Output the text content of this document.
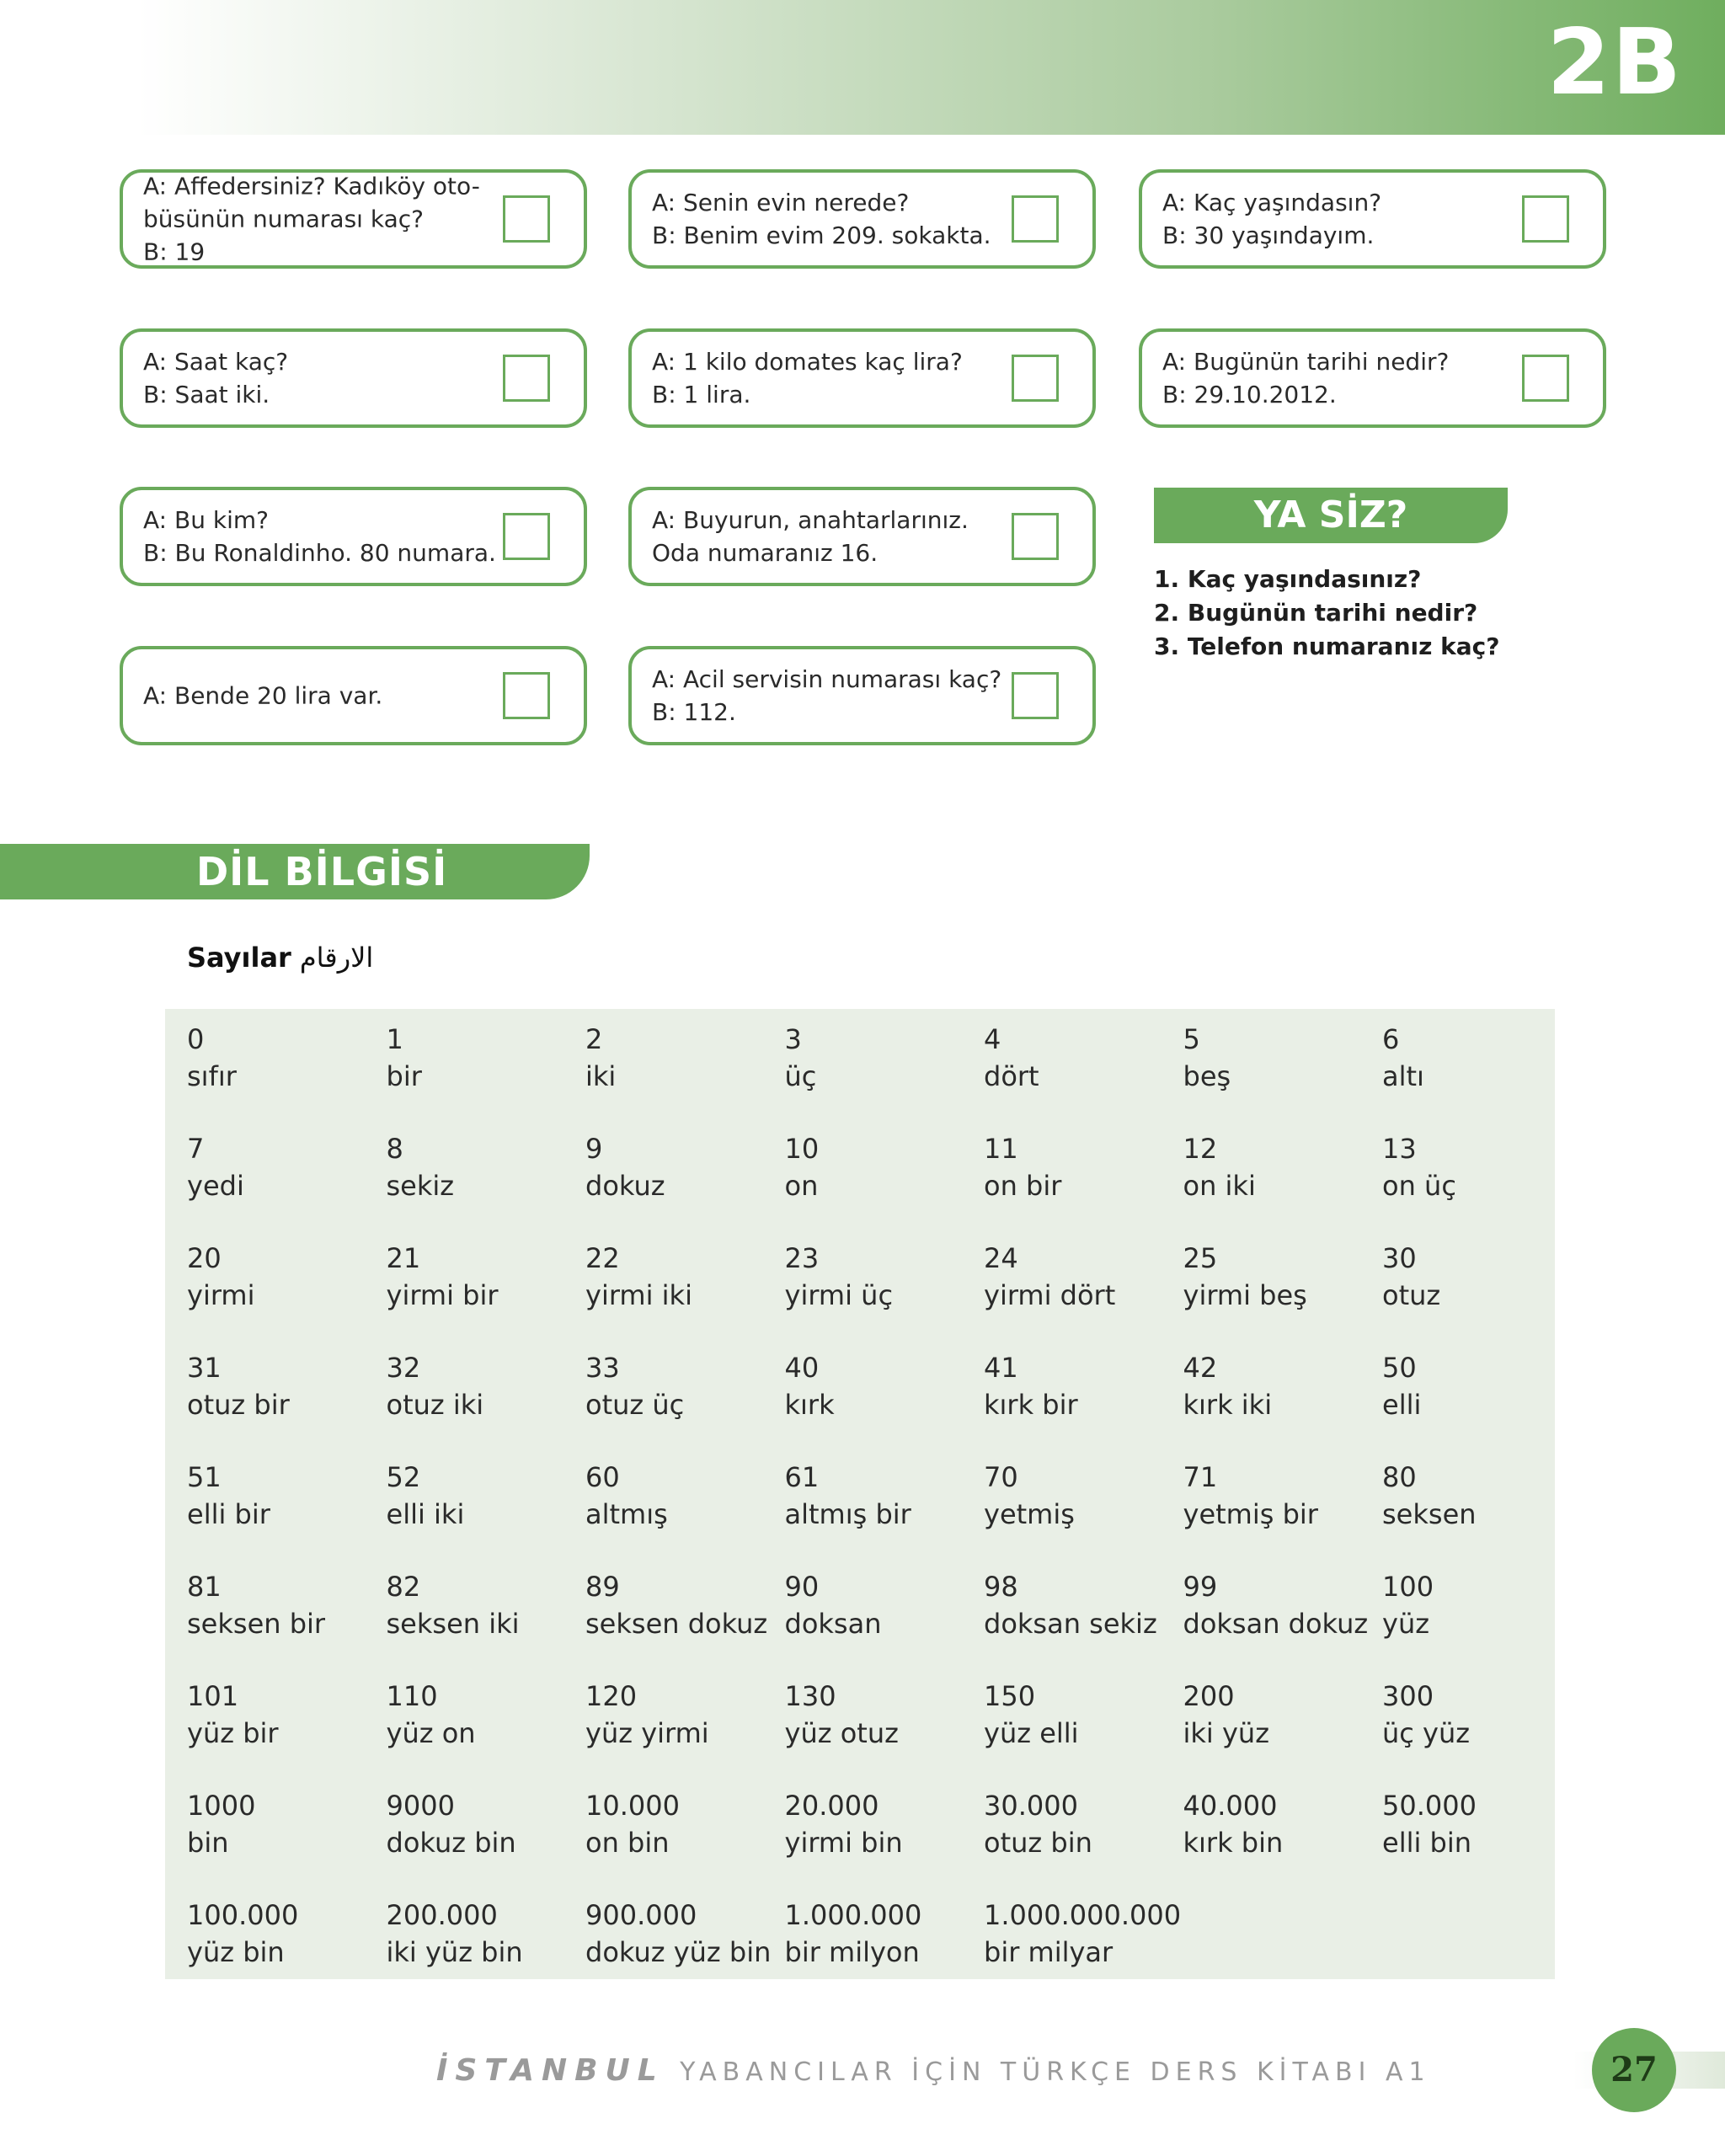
2B
A: Affedersiniz? Kadıköy oto-
büsünün numarası kaç?
B: 19
A: Senin evin nerede?
B: Benim evim 209. sokakta.
A: Kaç yaşındasın?
B: 30 yaşındayım.
A: Saat kaç?
B: Saat iki.
A: 1 kilo domates kaç lira?
B: 1 lira.
A: Bugünün tarihi nedir?
B: 29.10.2012.
A: Bu kim?
B: Bu Ronaldinho. 80 numara.
A: Buyurun, anahtarlarınız.
Oda numaranız 16.
A: Bende 20 lira var.
A: Acil servisin numarası kaç?
B: 112.
YA SİZ?
1. Kaç yaşındasınız?
2. Bugünün tarihi nedir?
3. Telefon numaranız kaç?
DİL BİLGİSİ
Sayılar الارقام
0
sıfır
1
bir
2
iki
3
üç
4
dört
5
beş
6
altı
7
yedi
8
sekiz
9
dokuz
10
on
11
on bir
12
on iki
13
on üç
20
yirmi
21
yirmi bir
22
yirmi iki
23
yirmi üç
24
yirmi dört
25
yirmi beş
30
otuz
31
otuz bir
32
otuz iki
33
otuz üç
40
kırk
41
kırk bir
42
kırk iki
50
elli
51
elli bir
52
elli iki
60
altmış
61
altmış bir
70
yetmiş
71
yetmiş bir
80
seksen
81
seksen bir
82
seksen iki
89
seksen dokuz
90
doksan
98
doksan sekiz
99
doksan dokuz
100
yüz
101
yüz bir
110
yüz on
120
yüz yirmi
130
yüz otuz
150
yüz elli
200
iki yüz
300
üç yüz
1000
bin
9000
dokuz bin
10.000
on bin
20.000
yirmi bin
30.000
otuz bin
40.000
kırk bin
50.000
elli bin
100.000
yüz bin
200.000
iki yüz bin
900.000
dokuz yüz bin
1.000.000
bir milyon
1.000.000.000
bir milyar
İSTANBUL YABANCILAR İÇİN TÜRKÇE DERS KİTABI A1	27
